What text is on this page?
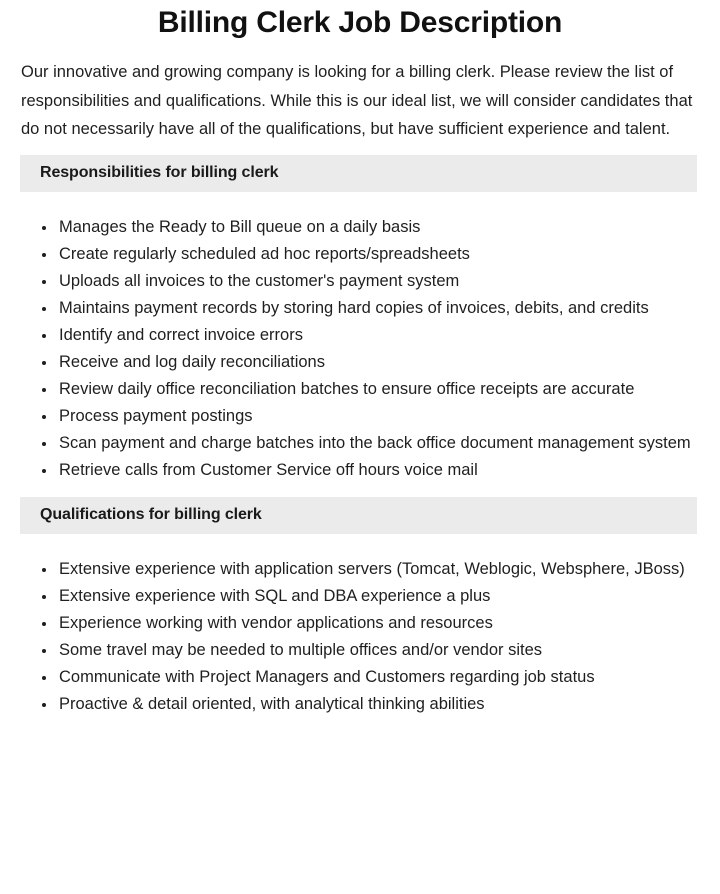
Billing Clerk Job Description

Our innovative and growing company is looking for a billing clerk. Please review the list of responsibilities and qualifications. While this is our ideal list, we will consider candidates that do not necessarily have all of the qualifications, but have sufficient experience and talent.

Responsibilities for billing clerk
Manages the Ready to Bill queue on a daily basis
Create regularly scheduled ad hoc reports/spreadsheets
Uploads all invoices to the customer's payment system
Maintains payment records by storing hard copies of invoices, debits, and credits
Identify and correct invoice errors
Receive and log daily reconciliations
Review daily office reconciliation batches to ensure office receipts are accurate
Process payment postings
Scan payment and charge batches into the back office document management system
Retrieve calls from Customer Service off hours voice mail
Qualifications for billing clerk
Extensive experience with application servers (Tomcat, Weblogic, Websphere, JBoss)
Extensive experience with SQL and DBA experience a plus
Experience working with vendor applications and resources
Some travel may be needed to multiple offices and/or vendor sites
Communicate with Project Managers and Customers regarding job status
Proactive & detail oriented, with analytical thinking abilities
